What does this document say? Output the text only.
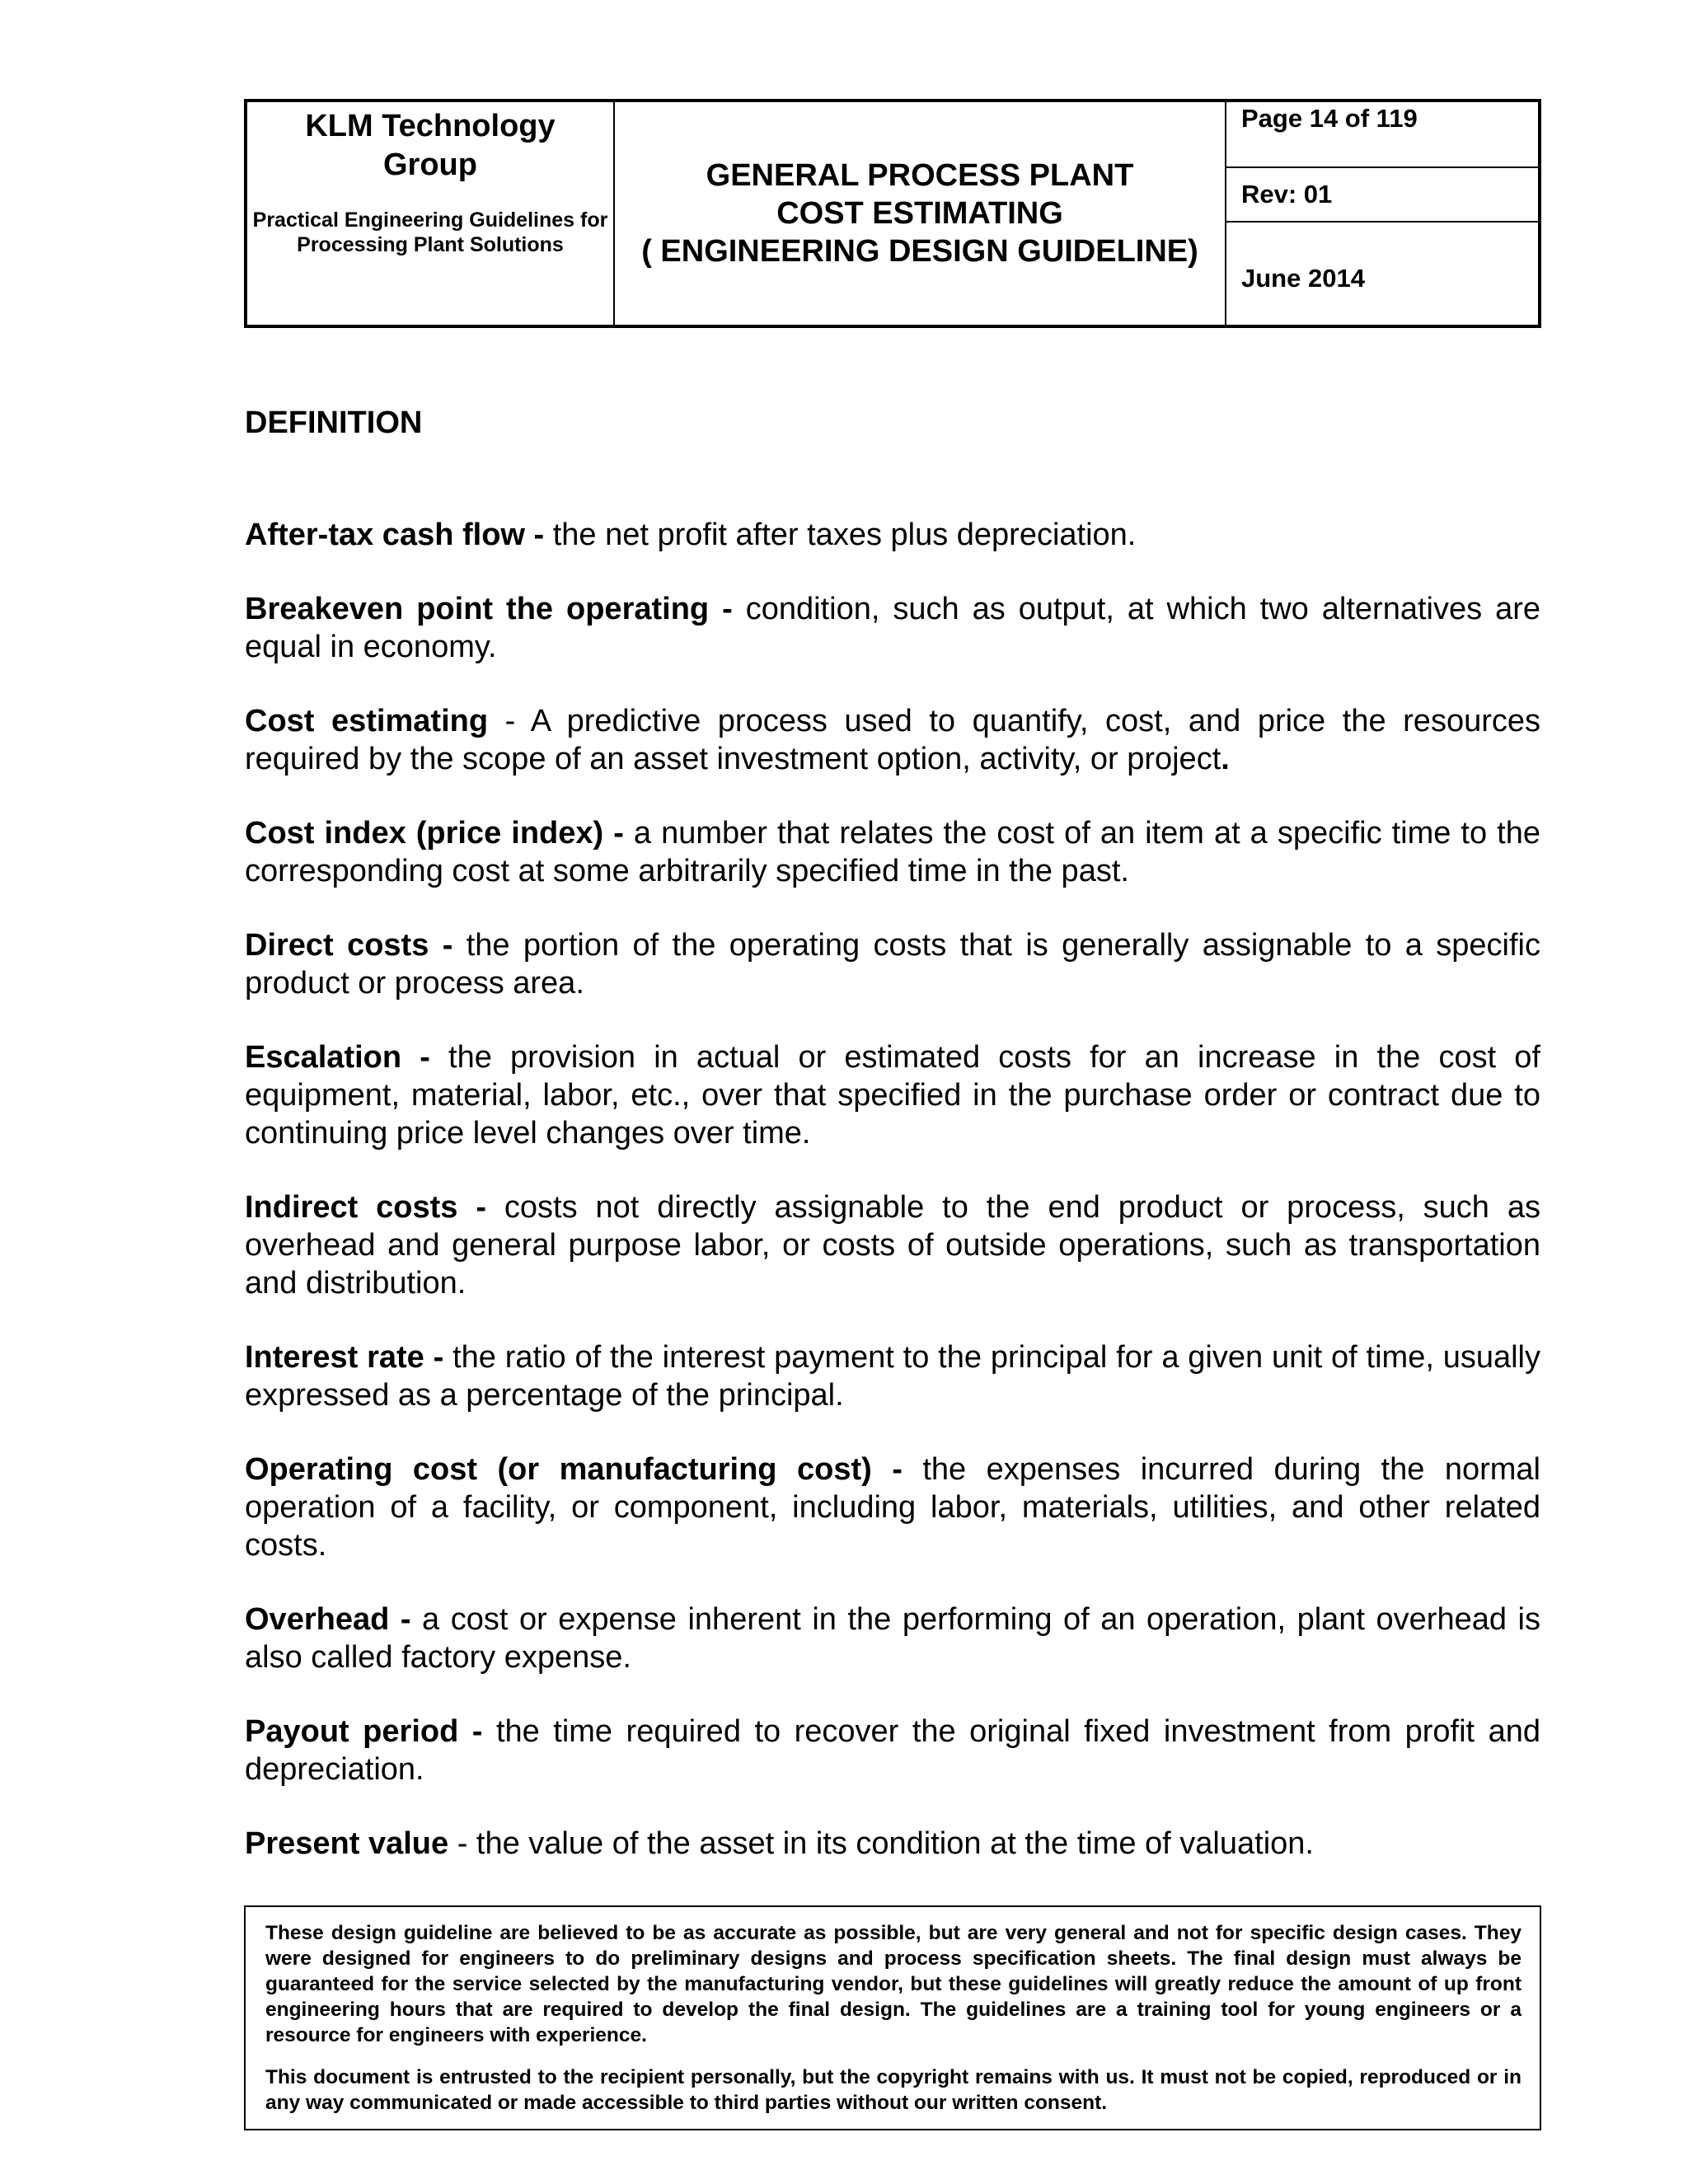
KLM Technology
Group
Practical Engineering Guidelines for Processing Plant Solutions
GENERAL PROCESS PLANT
COST ESTIMATING
( ENGINEERING DESIGN GUIDELINE)
Page 14 of 119
Rev: 01
June 2014
DEFINITION

After-tax cash flow - the net profit after taxes plus depreciation.

Breakeven point the operating - condition, such as output, at which two alternatives are equal in economy.

Cost estimating - A predictive process used to quantify, cost, and price the resources required by the scope of an asset investment option, activity, or project.

Cost index (price index) - a number that relates the cost of an item at a specific time to the corresponding cost at some arbitrarily specified time in the past.

Direct costs - the portion of the operating costs that is generally assignable to a specific product or process area.

Escalation - the provision in actual or estimated costs for an increase in the cost of equipment, material, labor, etc., over that specified in the purchase order or contract due to continuing price level changes over time.

Indirect costs - costs not directly assignable to the end product or process, such as overhead and general purpose labor, or costs of outside operations, such as transportation and distribution.

Interest rate - the ratio of the interest payment to the principal for a given unit of time, usually expressed as a percentage of the principal.

Operating cost (or manufacturing cost) - the expenses incurred during the normal operation of a facility, or component, including labor, materials, utilities, and other related costs.

Overhead - a cost or expense inherent in the performing of an operation, plant overhead is also called factory expense.

Payout period - the time required to recover the original fixed investment from profit and depreciation.

Present value - the value of the asset in its condition at the time of valuation.

These design guideline are believed to be as accurate as possible, but are very general and not for specific design cases. They were designed for engineers to do preliminary designs and process specification sheets. The final design must always be guaranteed for the service selected by the manufacturing vendor, but these guidelines will greatly reduce the amount of up front engineering hours that are required to develop the final design. The guidelines are a training tool for young engineers or a resource for engineers with experience.

This document is entrusted to the recipient personally, but the copyright remains with us. It must not be copied, reproduced or in any way communicated or made accessible to third parties without our written consent.
